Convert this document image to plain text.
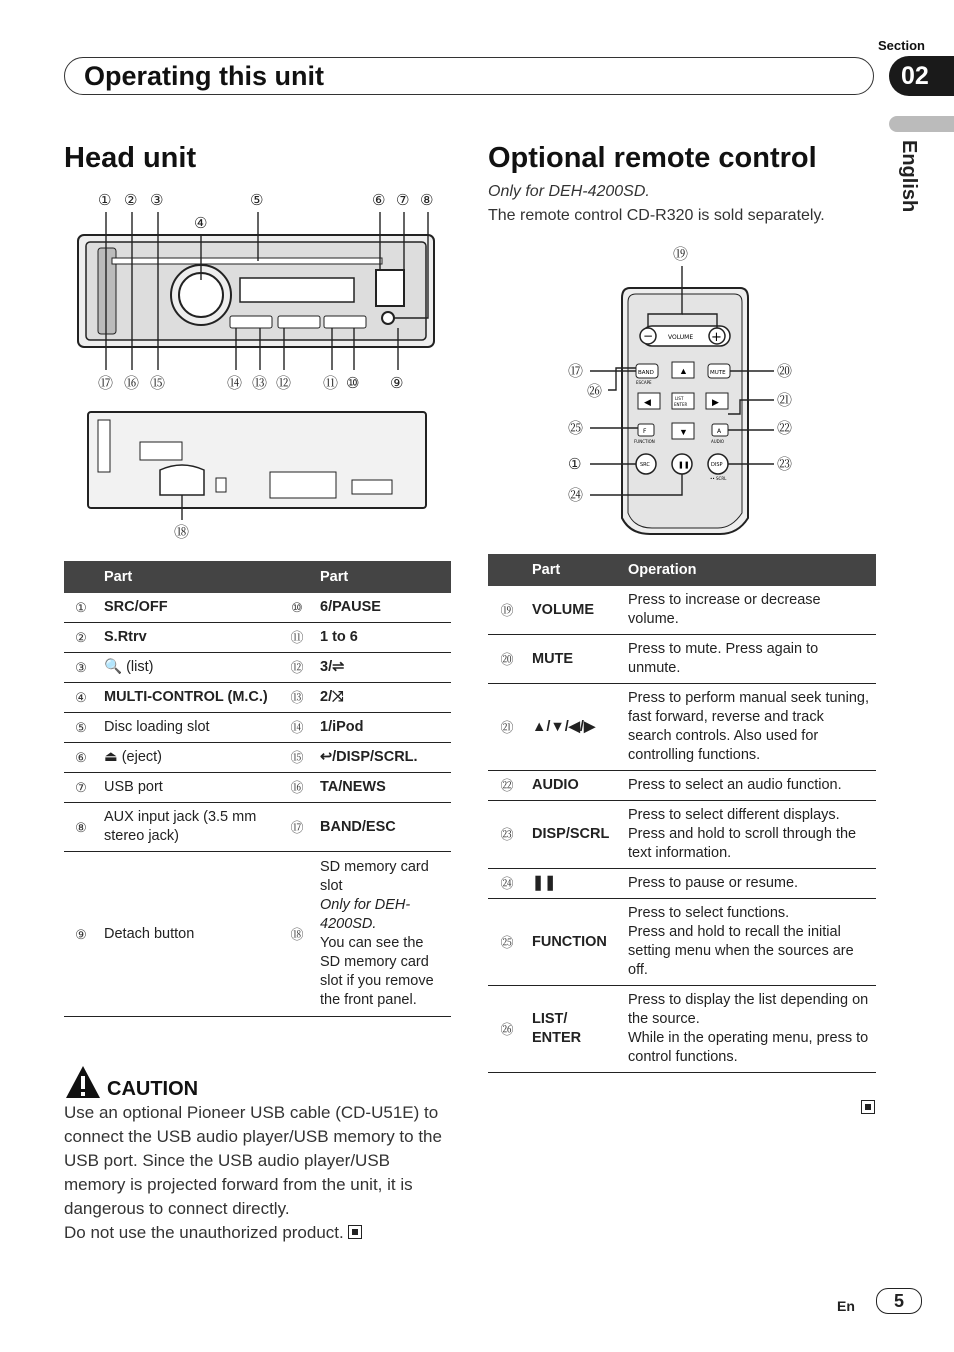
Section
02
Operating this unit
English
Head unit
① ② ③
④
⑤	⑥ ⑦ ⑧
⑰ ⑯ ⑮	⑭ ⑬ ⑫ ⑪ ⑩ ⑨
⑱
	Part		Part
①	SRC/OFF	⑩	6/PAUSE
②	S.Rtrv	⑪	1 to 6
③	🔍 (list)	⑫	3/⇌
④	MULTI-CONTROL (M.C.)	⑬	2/⤨
⑤	Disc loading slot	⑭	1/iPod
⑥	⏏ (eject)	⑮	↩/DISP/SCRL.
⑦	USB port	⑯	TA/NEWS
⑧	AUX input jack (3.5 mm stereo jack)	⑰	BAND/ESC
⑨	Detach button	⑱	SD memory card slot
Only for DEH-4200SD.
You can see the SD memory card slot if you remove the front panel.
CAUTION
Use an optional Pioneer USB cable (CD-U51E) to connect the USB audio player/USB memory to the USB port. Since the USB audio player/USB memory is projected forward from the unit, it is dangerous to connect directly.
Do not use the unauthorized product.
Optional remote control
Only for DEH-4200SD.
The remote control CD-R320 is sold separately.
⑲
⑰
㉖
㉕
①
㉔
⑳
㉑
㉒
㉓
−	+
VOLUME
BAND
ESCAPE
MUTE
▲
▼
◀	▶
LIST
ENTER
F
FUNCTION
A
AUDIO
SRC	❚❚	DISP
•• SCRL
	Part	Operation
⑲	VOLUME	Press to increase or decrease volume.
⑳	MUTE	Press to mute. Press again to unmute.
㉑	▲/▼/◀/▶	Press to perform manual seek tuning, fast forward, reverse and track search controls. Also used for controlling functions.
㉒	AUDIO	Press to select an audio function.
㉓	DISP/SCRL	Press to select different displays. Press and hold to scroll through the text information.
㉔	❚❚	Press to pause or resume.
㉕	FUNCTION	Press to select functions.
Press and hold to recall the initial setting menu when the sources are off.

㉖	LIST/ ENTER	Press to display the list depending on the source.
While in the operating menu, press to control functions.
En	5
